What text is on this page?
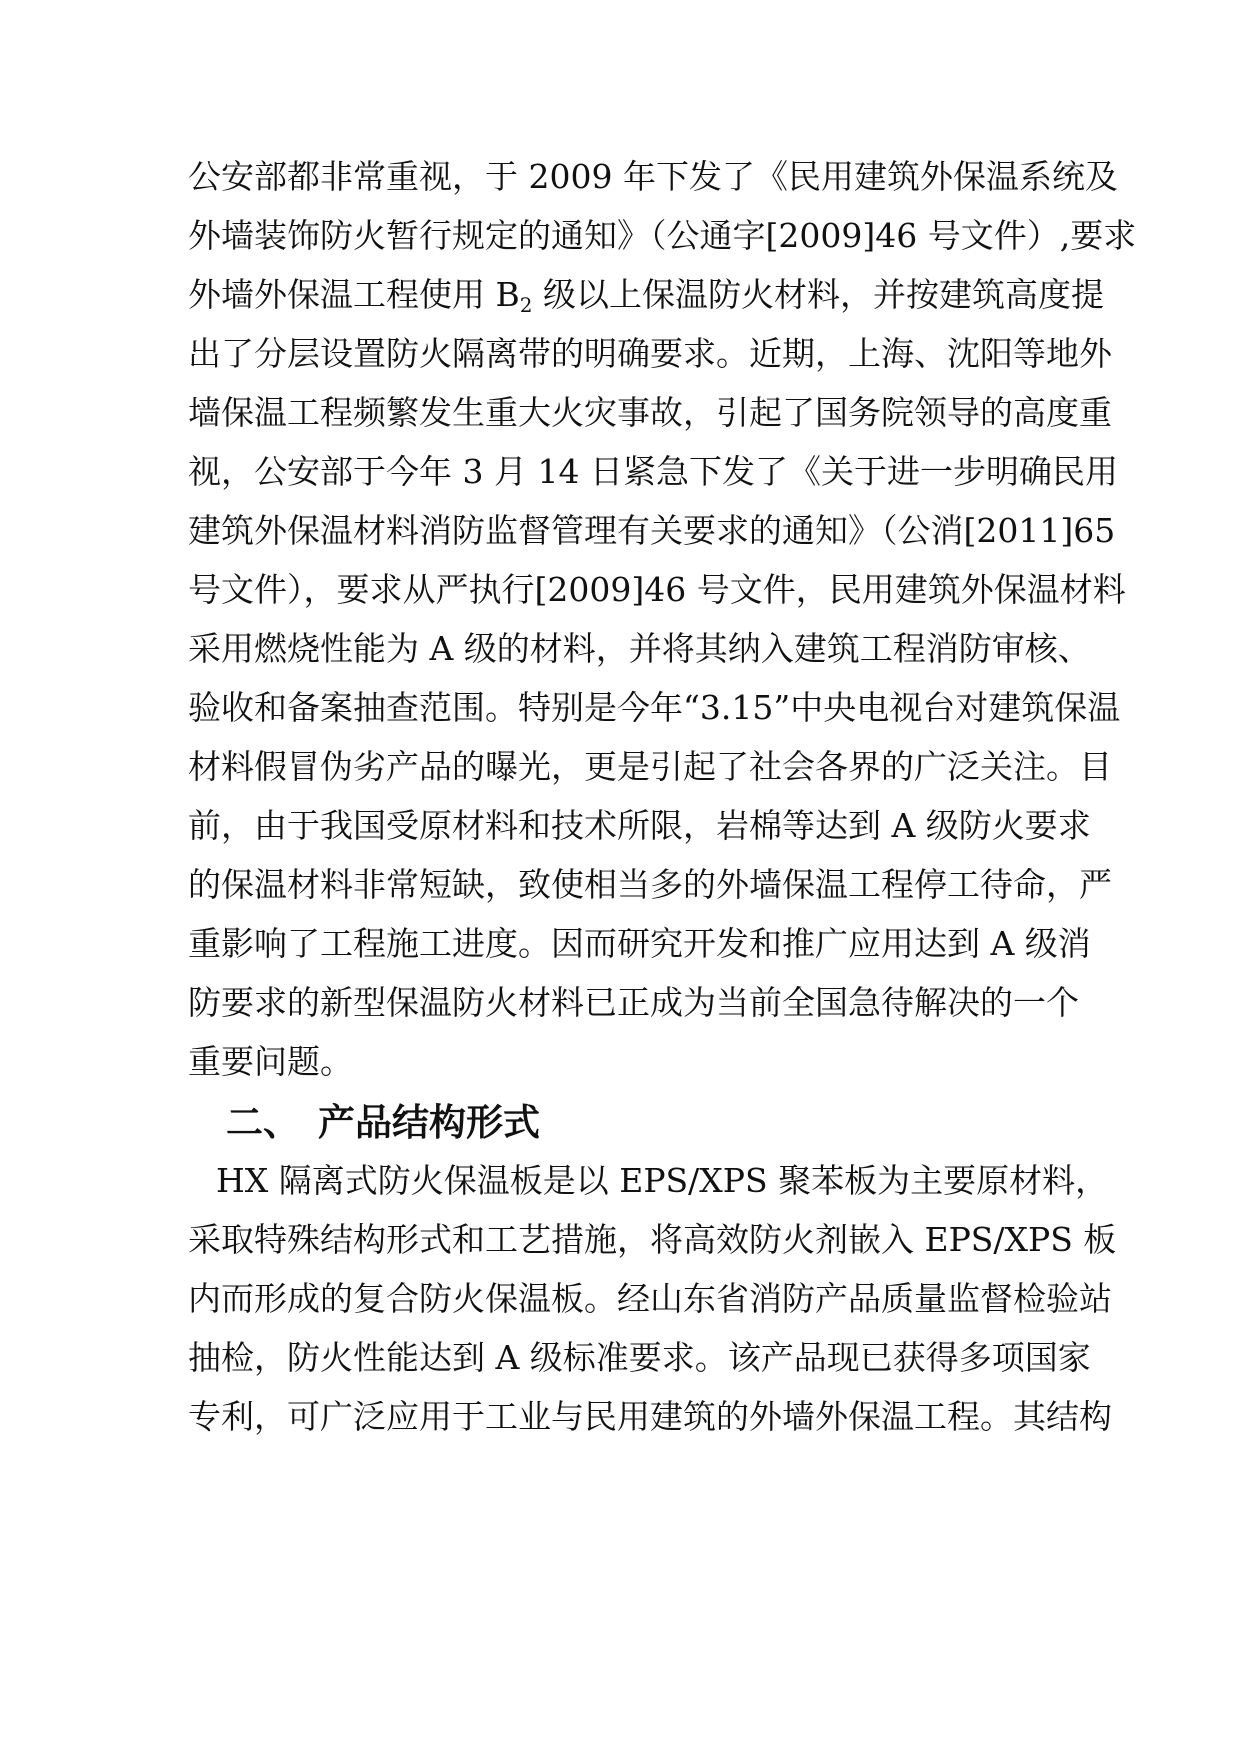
公安部都非常重视，于 2009 年下发了《民用建筑外保温系统及
外墙装饰防火暂行规定的通知》（公通字[2009]46 号文件）,要求
外墙外保温工程使用 $B_2$ 级以上保温防火材料，并按建筑高度提
出了分层设置防火隔离带的明确要求。近期，上海、沈阳等地外
墙保温工程频繁发生重大火灾事故，引起了国务院领导的高度重
视，公安部于今年 3 月 14 日紧急下发了《关于进一步明确民用
建筑外保温材料消防监督管理有关要求的通知》（公消[2011]65
号文件），要求从严执行[2009]46 号文件，民用建筑外保温材料
采用燃烧性能为 A 级的材料，并将其纳入建筑工程消防审核、
验收和备案抽查范围。特别是今年“3.15”中央电视台对建筑保温
材料假冒伪劣产品的曝光，更是引起了社会各界的广泛关注。目
前，由于我国受原材料和技术所限，岩棉等达到 A 级防火要求
的保温材料非常短缺，致使相当多的外墙保温工程停工待命，严
重影响了工程施工进度。因而研究开发和推广应用达到 A 级消
防要求的新型保温防火材料已正成为当前全国急待解决的一个
重要问题。
二、 产品结构形式
HX 隔离式防火保温板是以 EPS/XPS 聚苯板为主要原材料，
采取特殊结构形式和工艺措施，将高效防火剂嵌入 EPS/XPS 板
内而形成的复合防火保温板。经山东省消防产品质量监督检验站
抽检，防火性能达到 A 级标准要求。该产品现已获得多项国家
专利，可广泛应用于工业与民用建筑的外墙外保温工程。其结构
